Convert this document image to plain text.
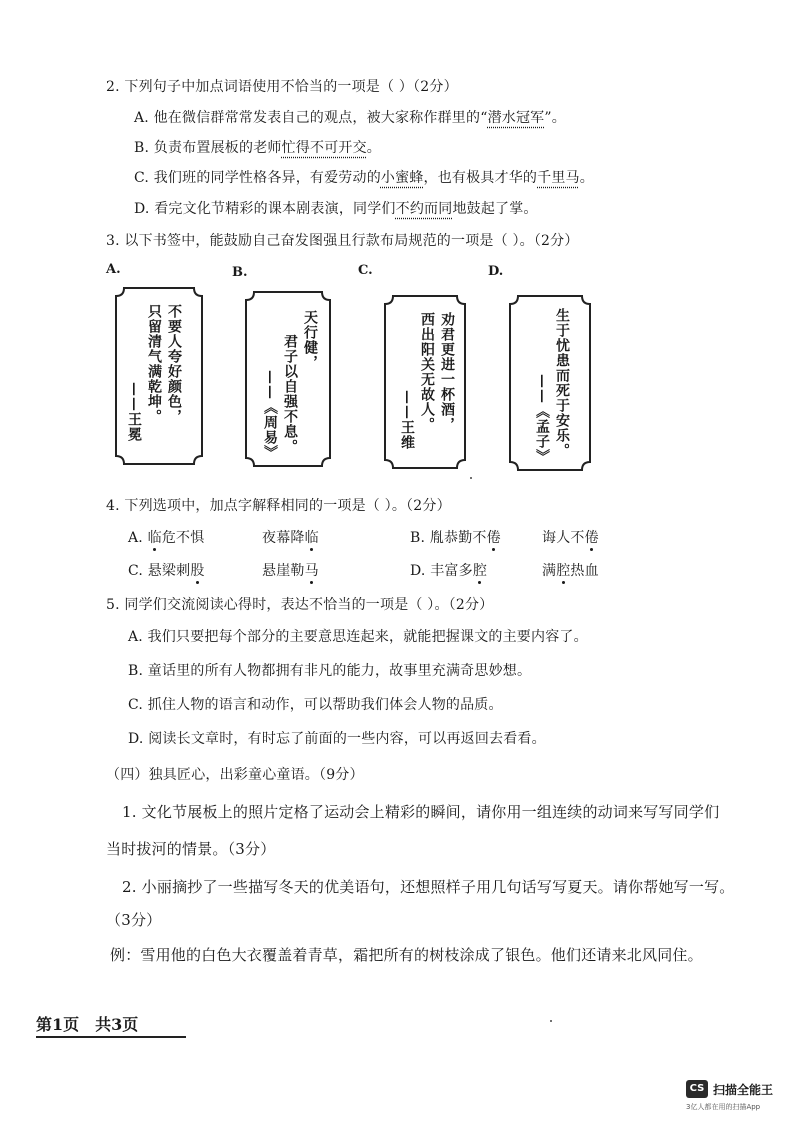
2. 下列句子中加点词语使用不恰当的一项是（ ）（2分）
A. 他在微信群常常发表自己的观点，被大家称作群里的“潜水冠军”。
B. 负责布置展板的老师忙得不可开交。
C. 我们班的同学性格各异，有爱劳动的小蜜蜂，也有极具才华的千里马。
D. 看完文化节精彩的课本剧表演，同学们不约而同地鼓起了掌。
3. 以下书签中，能鼓励自己奋发图强且行款布局规范的一项是（ ）。（2分）
A.	B.	C.	D.
不要人夸好颜色，
只留清气满乾坤。
——王冕
天行健，
君子以自强不息。
——《周易》	劝君更进一杯酒，
西出阳关无故人。
——王维	生于忧患而死于安乐。
——《孟子》
4. 下列选项中，加点字解释相同的一项是（ ）。（2分）
A. 临危不惧	夜幕降临	B. 胤恭勤不倦	诲人不倦
C. 悬梁刺股	悬崖勒马	D. 丰富多腔	满腔热血
5. 同学们交流阅读心得时，表达不恰当的一项是（ ）。（2分）
A. 我们只要把每个部分的主要意思连起来，就能把握课文的主要内容了。
B. 童话里的所有人物都拥有非凡的能力，故事里充满奇思妙想。
C. 抓住人物的语言和动作，可以帮助我们体会人物的品质。
D. 阅读长文章时，有时忘了前面的一些内容，可以再返回去看看。
（四）独具匠心，出彩童心童语。（9分）
1. 文化节展板上的照片定格了运动会上精彩的瞬间，请你用一组连续的动词来写写同学们
当时拔河的情景。（3分）
2. 小丽摘抄了一些描写冬天的优美语句，还想照样子用几句话写写夏天。请你帮她写一写。
（3分）
例：雪用他的白色大衣覆盖着青草，霜把所有的树枝涂成了银色。他们还请来北风同住。
第1页　共3页
CS 扫描全能王
3亿人都在用的扫描App
